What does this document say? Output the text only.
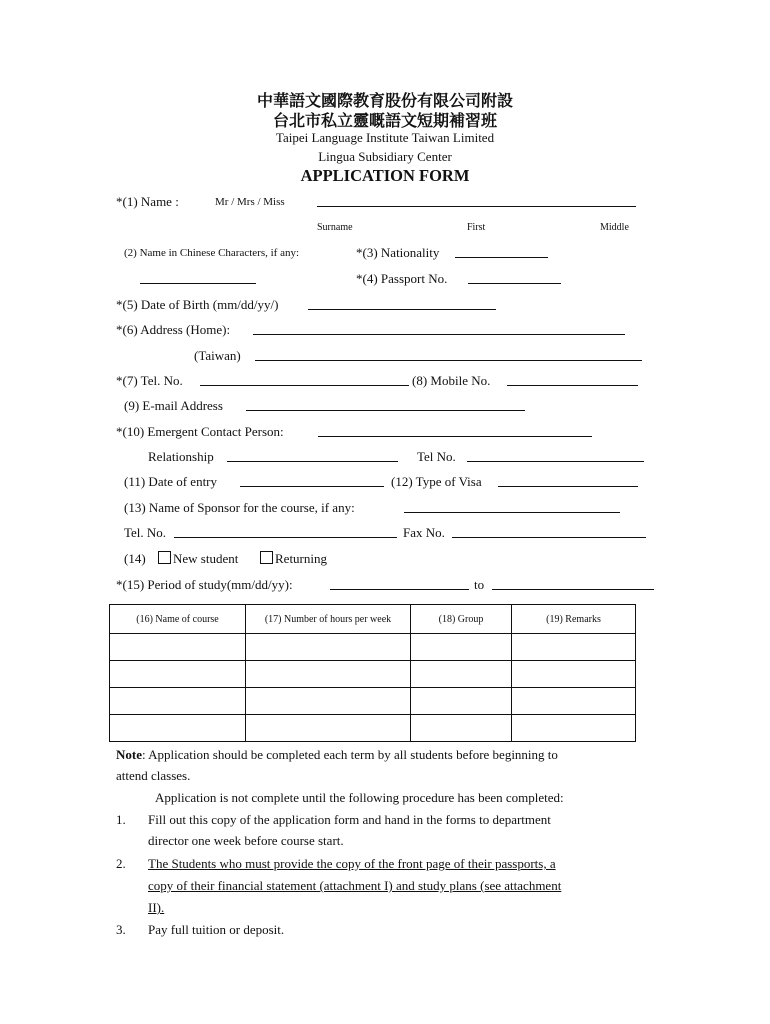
中華語文國際教育股份有限公司附設
台北市私立靈嘅語文短期補習班
Taipei Language Institute Taiwan Limited
Lingua Subsidiary Center
APPLICATION FORM
*(1) Name :	Mr / Mrs / Miss
Surname	First	Middle
(2) Name in Chinese Characters, if any:	*(3) Nationality
*(4) Passport No.
*(5) Date of Birth (mm/dd/yy/)
*(6) Address (Home):
(Taiwan)
*(7) Tel. No.	(8) Mobile No.
(9) E-mail Address
*(10) Emergent Contact Person:
Relationship	Tel No.
(11) Date of entry	(12) Type of Visa
(13) Name of Sponsor for the course, if any:
Tel. No.	Fax No.
(14)	New student	Returning
*(15) Period of study(mm/dd/yy):	to
(16) Name of course	(17) Number of hours per week	(18) Group	(19) Remarks

Note: Application should be completed each term by all students before beginning to
attend classes.
Application is not complete until the following procedure has been completed:
1. Fill out this copy of the application form and hand in the forms to department
director one week before course start.
2. The Students who must provide the copy of the front page of their passports, a
copy of their financial statement (attachment I) and study plans (see attachment
II).
3. Pay full tuition or deposit.
